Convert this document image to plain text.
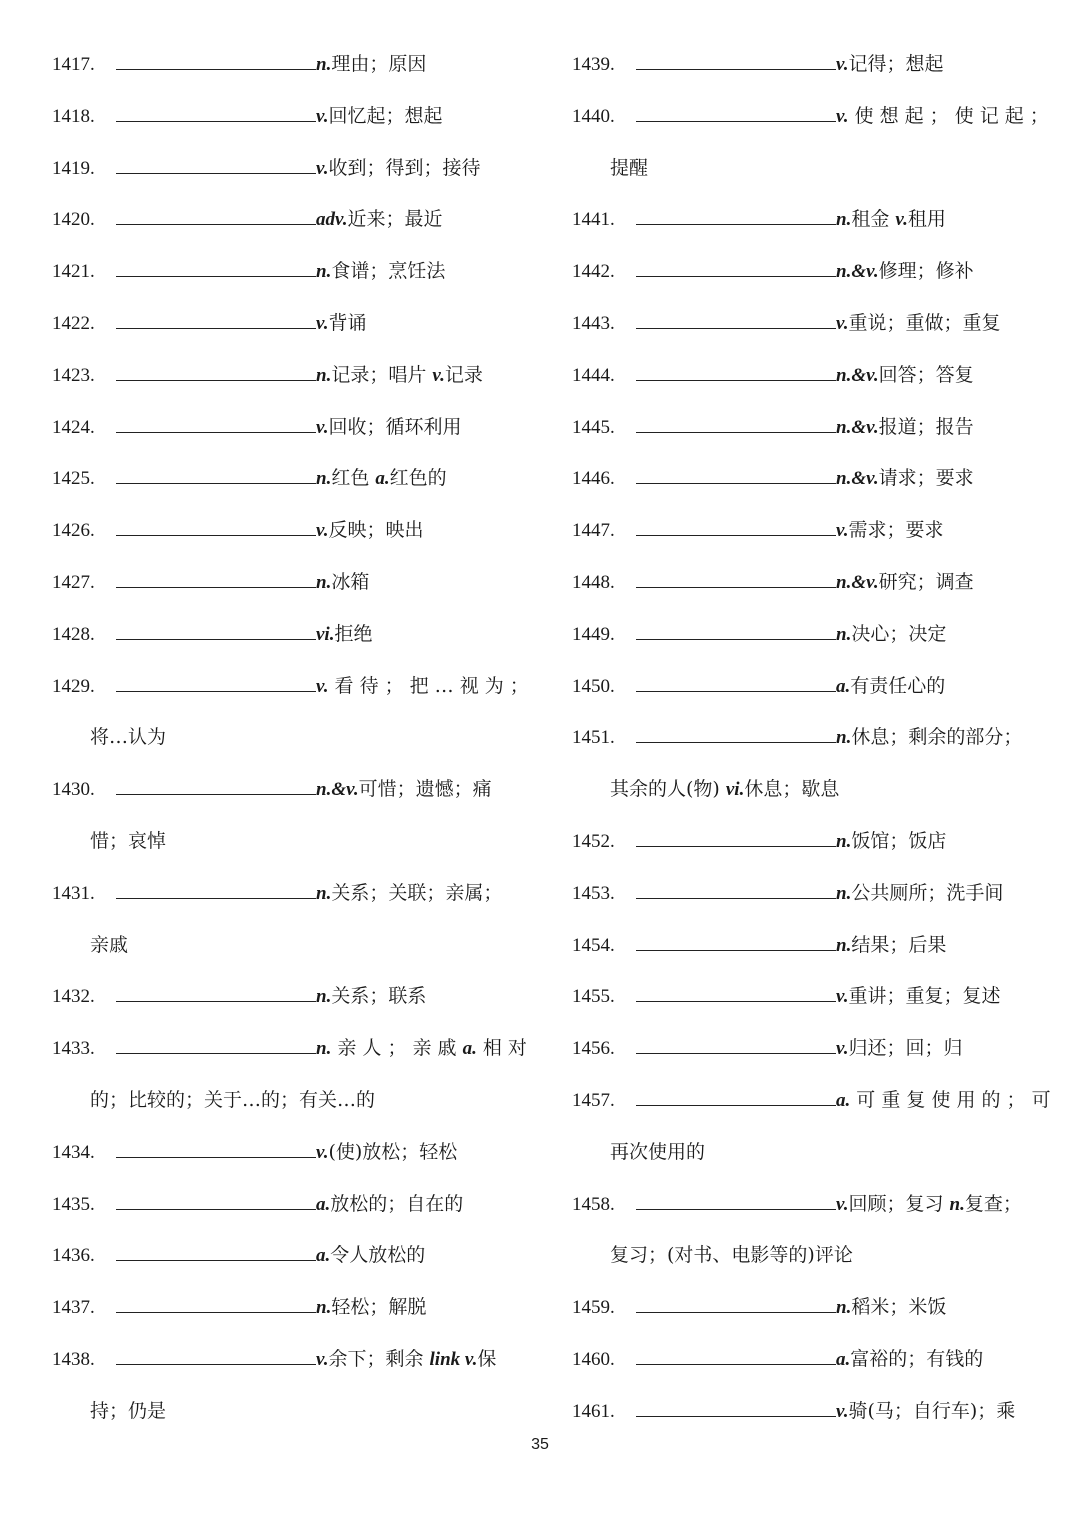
1417.	n.理由；原因
1418.	v.回忆起；想起
1419.	v.收到；得到；接待
1420.	adv.近来；最近
1421.	n.食谱；烹饪法
1422.	v.背诵
1423.	n.记录；唱片 v.记录
1424.	v.回收；循环利用
1425.	n.红色 a.红色的
1426.	v.反映；映出
1427.	n.冰箱
1428.	vi.拒绝
1429.	v. 看 待 ； 把 … 视 为 ；
将…认为
1430.	n.&v.可惜；遗憾；痛
惜；哀悼
1431.	n.关系；关联；亲属；
亲戚
1432.	n.关系；联系
1433.	n. 亲 人 ； 亲 戚 a. 相 对
的；比较的；关于…的；有关…的
1434.	v.(使)放松；轻松
1435.	a.放松的；自在的
1436.	a.令人放松的
1437.	n.轻松；解脱
1438.	v.余下；剩余 link v.保
持；仍是
1439.	v.记得；想起
1440.	v. 使 想 起 ； 使 记 起 ；
提醒
1441.	n.租金 v.租用
1442.	n.&v.修理；修补
1443.	v.重说；重做；重复
1444.	n.&v.回答；答复
1445.	n.&v.报道；报告
1446.	n.&v.请求；要求
1447.	v.需求；要求
1448.	n.&v.研究；调查
1449.	n.决心；决定
1450.	a.有责任心的
1451.	n.休息；剩余的部分；
其余的人(物) vi.休息；歇息
1452.	n.饭馆；饭店
1453.	n.公共厕所；洗手间
1454.	n.结果；后果
1455.	v.重讲；重复；复述
1456.	v.归还；回；归
1457.	a. 可 重 复 使 用 的 ； 可
再次使用的
1458.	v.回顾；复习 n.复查；
复习；(对书、电影等的)评论
1459.	n.稻米；米饭
1460.	a.富裕的；有钱的
1461.	v.骑(马；自行车)；乘
35
